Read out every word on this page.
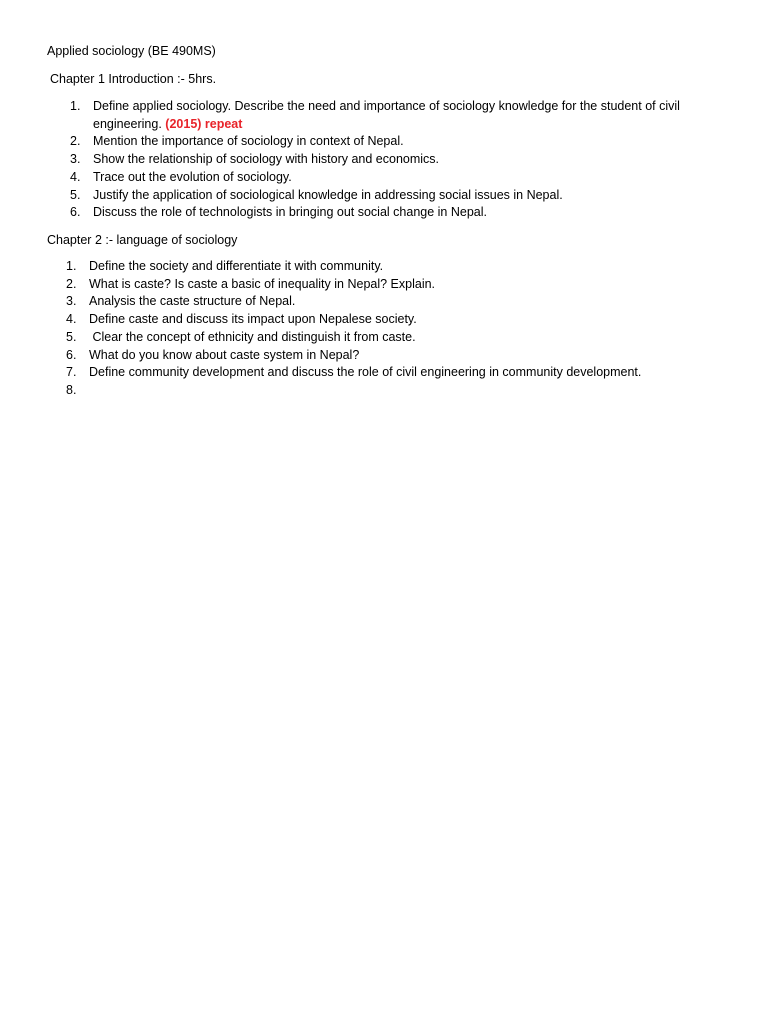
Applied sociology (BE 490MS)
Chapter 1 Introduction :- 5hrs.
1.	Define applied sociology. Describe the need and importance of sociology knowledge for the student of civil engineering. (2015) repeat
2.	Mention the importance of sociology in context of Nepal.
3.	Show the relationship of sociology with history and economics.
4.	Trace out the evolution of sociology.
5.	Justify the application of sociological knowledge in addressing social issues in Nepal.
6.	Discuss the role of technologists in bringing out social change in Nepal.
Chapter 2 :- language of sociology
1.	Define the society and differentiate it with community.
2.	What is caste? Is caste a basic of inequality in Nepal? Explain.
3.	Analysis the caste structure of Nepal.
4.	Define caste and discuss its impact upon Nepalese society.
5.	Clear the concept of ethnicity and distinguish it from caste.
6.	What do you know about caste system in Nepal?
7.	Define community development and discuss the role of civil engineering in community development.
8.
